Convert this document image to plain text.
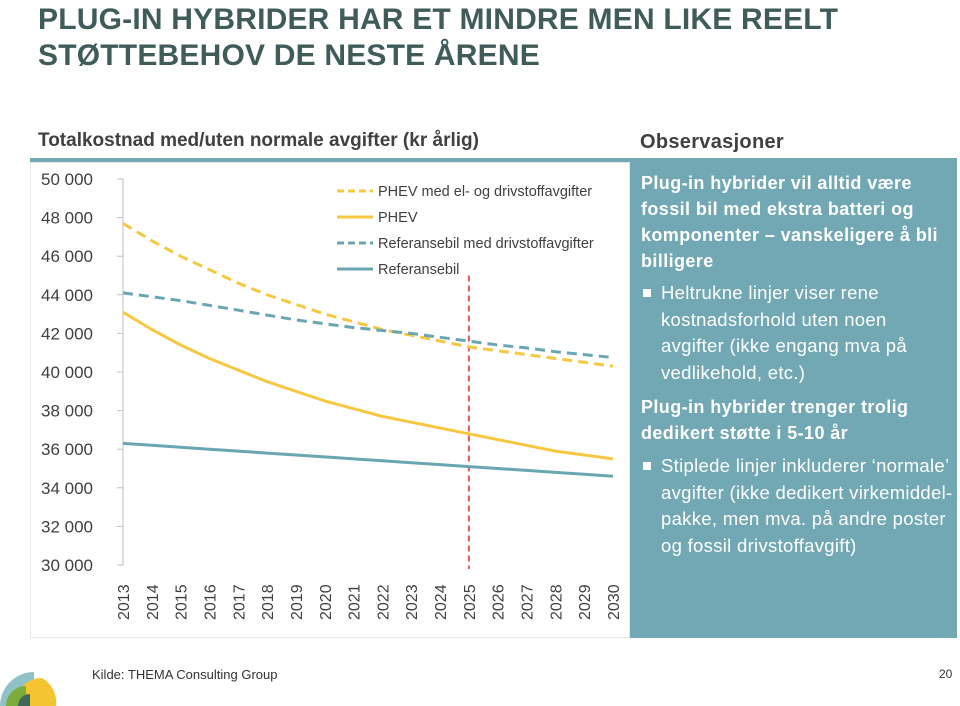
PLUG-IN HYBRIDER HAR ET MINDRE MEN LIKE REELT
STØTTEBEHOV DE NESTE ÅRENE
Totalkostnad med/uten normale avgifter (kr årlig)	Observasjoner
50 000
48 000
46 000
44 000
42 000
40 000
38 000
36 000
34 000
32 000
30 000
2013 2014 2015 2016 2017 2018 2019 2020 2021 2022 2023 2024 2025 2026 2027 2028 2029 2030
PHEV med el- og drivstoffavgifter
PHEV
Referansebil med drivstoffavgifter
Referansebil
Plug-in hybrider vil alltid være fossil bil med ekstra batteri og komponenter – vanskeligere å bli billigere
Heltrukne linjer viser rene kostnadsforhold uten noen avgifter (ikke engang mva på vedlikehold, etc.)
Plug-in hybrider trenger trolig dedikert støtte i 5-10 år
Stiplede linjer inkluderer ‘normale’ avgifter (ikke dedikert virkemiddel-pakke, men mva. på andre poster og fossil drivstoffavgift)
Kilde: THEMA Consulting Group	20
